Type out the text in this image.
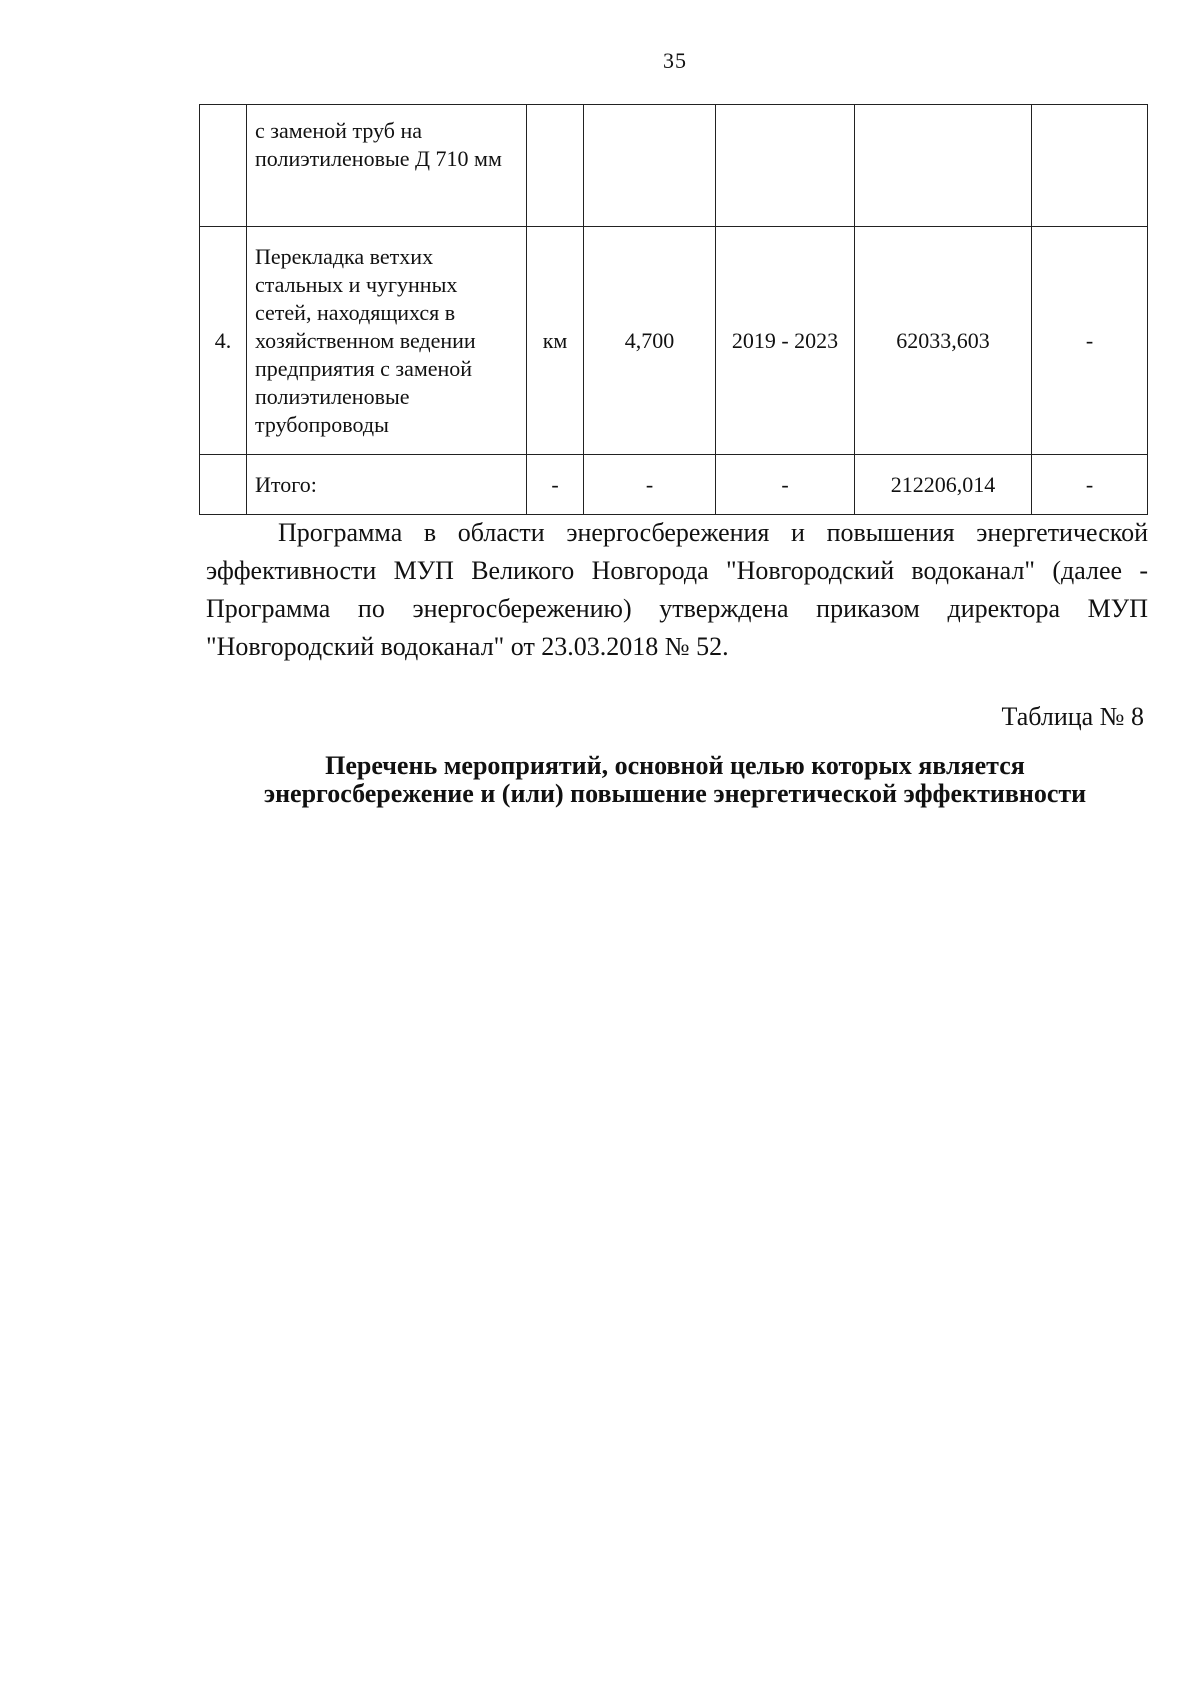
35
	с заменой труб на полиэтиленовые Д 710 мм					
4.	Перекладка ветхих стальных и чугунных сетей, находящихся в хозяйственном ведении предприятия с заменой полиэтиленовые трубопроводы	км	4,700	2019 - 2023	62033,603	-
	Итого:	-	-	-	212206,014	-

Программа в области энергосбережения и повышения энергетической эффективности МУП Великого Новгорода "Новгородский водоканал" (далее - Программа по энергосбережению) утверждена приказом директора МУП "Новгородский водоканал" от 23.03.2018 № 52.

Таблица № 8

Перечень мероприятий, основной целью которых является
энергосбережение и (или) повышение энергетической эффективности
